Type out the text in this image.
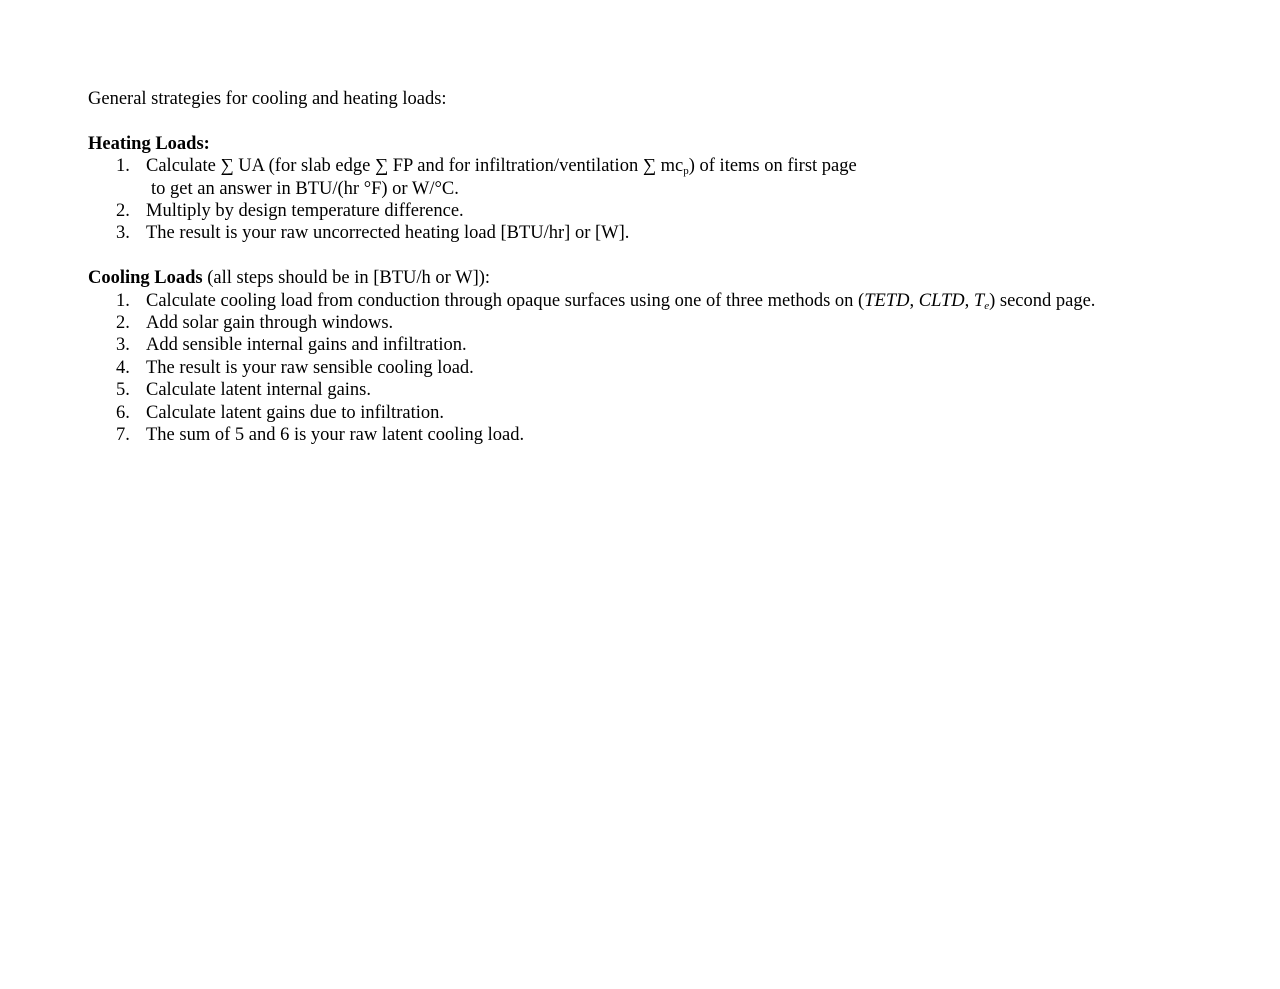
General strategies for cooling and heating loads:
Heating Loads:
1. Calculate ∑ UA (for slab edge ∑ FP and for infiltration/ventilation ∑ $mc_p$) of items on first page
to get an answer in BTU/(hr °F) or W/°C.
2. Multiply by design temperature difference.
3. The result is your raw uncorrected heating load [BTU/hr] or [W].
Cooling Loads (all steps should be in [BTU/h or W]):
1. Calculate cooling load from conduction through opaque surfaces using one of three methods on (TETD, CLTD, $T_e$) second page.
2. Add solar gain through windows.
3. Add sensible internal gains and infiltration.
4. The result is your raw sensible cooling load.
5. Calculate latent internal gains.
6. Calculate latent gains due to infiltration.
7. The sum of 5 and 6 is your raw latent cooling load.
